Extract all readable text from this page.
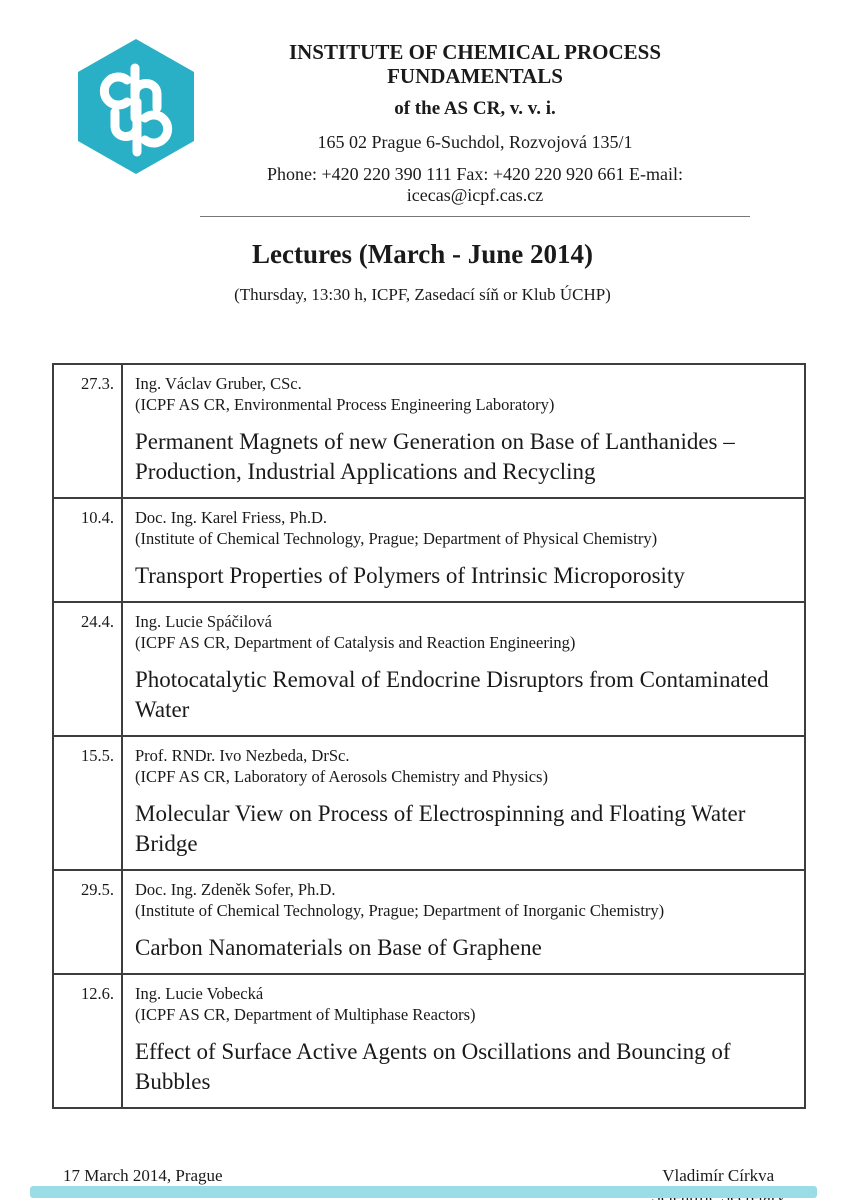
INSTITUTE OF CHEMICAL PROCESS FUNDAMENTALS
of the AS CR, v. v. i.
165 02 Prague 6-Suchdol, Rozvojová 135/1
Phone: +420 220 390 111 Fax: +420 220 920 661 E-mail: icecas@icpf.cas.cz
Lectures (March - June 2014)
(Thursday, 13:30 h, ICPF, Zasedací síň or Klub ÚCHP)
27.3.	Ing. Václav Gruber, CSc.
(ICPF AS CR, Environmental Process Engineering Laboratory)
Permanent Magnets of new Generation on Base of Lanthanides – Production, Industrial Applications and Recycling

10.4.	Doc. Ing. Karel Friess, Ph.D.
(Institute of Chemical Technology, Prague; Department of Physical Chemistry)
Transport Properties of Polymers of Intrinsic Microporosity

24.4.	Ing. Lucie Spáčilová
(ICPF AS CR, Department of Catalysis and Reaction Engineering)
Photocatalytic Removal of Endocrine Disruptors from Contaminated Water

15.5.	Prof. RNDr. Ivo Nezbeda, DrSc.
(ICPF AS CR, Laboratory of Aerosols Chemistry and Physics)
Molecular View on Process of Electrospinning and Floating Water Bridge

29.5.	Doc. Ing. Zdeněk Sofer, Ph.D.
(Institute of Chemical Technology, Prague; Department of Inorganic Chemistry)
Carbon Nanomaterials on Base of Graphene

12.6.	Ing. Lucie Vobecká
(ICPF AS CR, Department of Multiphase Reactors)
Effect of Surface Active Agents on Oscillations and Bouncing of Bubbles
17 March 2014, Prague	Vladimír Církva
